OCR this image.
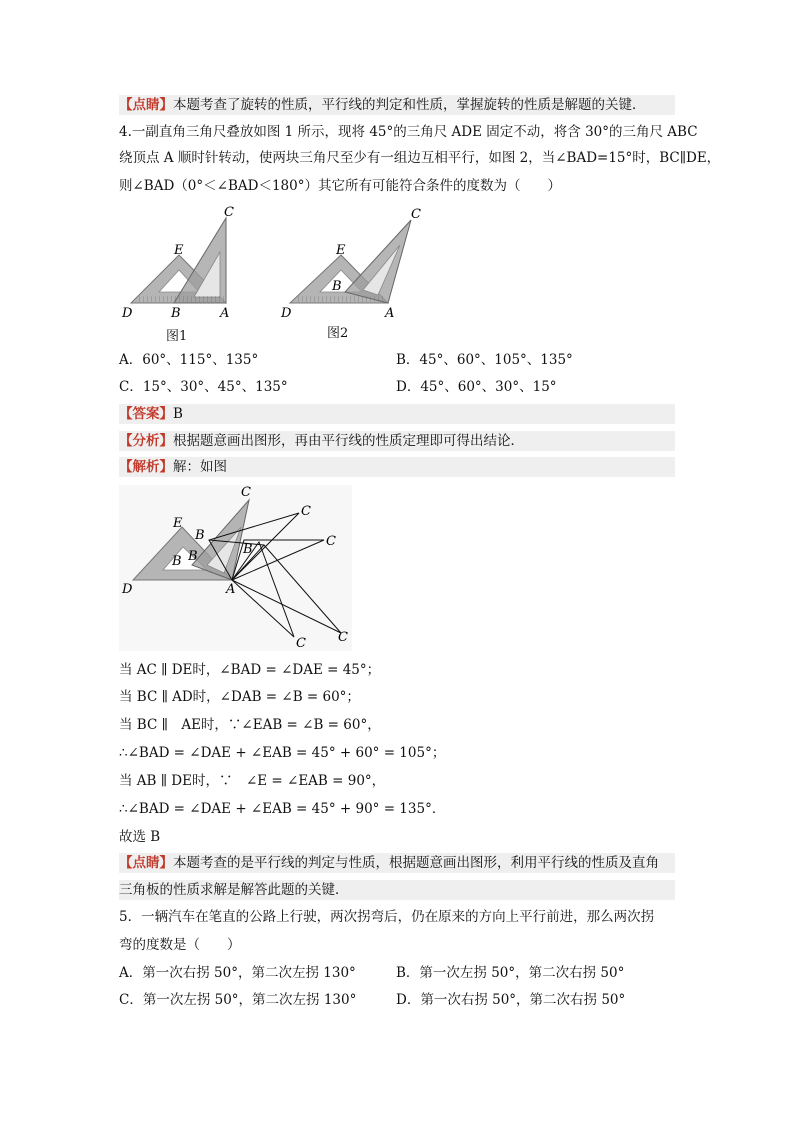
【点睛】本题考查了旋转的性质，平行线的判定和性质，掌握旋转的性质是解题的关键．
4.一副直角三角尺叠放如图 1 所示，现将 45°的三角尺 ADE 固定不动，将含 30°的三角尺 ABC
绕顶点 A 顺时针转动，使两块三角尺至少有一组边互相平行，如图 2，当∠BAD=15°时，BC∥DE，
则∠BAD（0°＜∠BAD＜180°）其它所有可能符合条件的度数为（　　）
C
E
D	B	A
图1
C
E
D
B
A
图2
A．60°、115°、135°	B．45°、60°、105°、135°
C．15°、30°、45°、135°	D．45°、60°、30°、15°
【答案】B
【分析】根据题意画出图形，再由平行线的性质定理即可得出结论．
【解析】解：如图
C
C
C
C C
E
B
B
B
B
D	A
当 AC ∥ DE时，∠BAD = ∠DAE = 45°；
当 BC ∥ AD时，∠DAB = ∠B = 60°；
当 BC ∥　AE时，∵∠EAB = ∠B = 60°，
∴∠BAD = ∠DAE + ∠EAB = 45° + 60° = 105°；
当 AB ∥ DE时，∵　∠E = ∠EAB = 90°，
∴∠BAD = ∠DAE + ∠EAB = 45° + 90° = 135°．
故选 B
【点睛】本题考查的是平行线的判定与性质，根据题意画出图形，利用平行线的性质及直角
三角板的性质求解是解答此题的关键．
5．一辆汽车在笔直的公路上行驶，两次拐弯后，仍在原来的方向上平行前进，那么两次拐
弯的度数是（　　）
A．第一次右拐 50°，第二次左拐 130°	B．第一次左拐 50°，第二次右拐 50°
C．第一次左拐 50°，第二次左拐 130°	D．第一次右拐 50°，第二次右拐 50°
